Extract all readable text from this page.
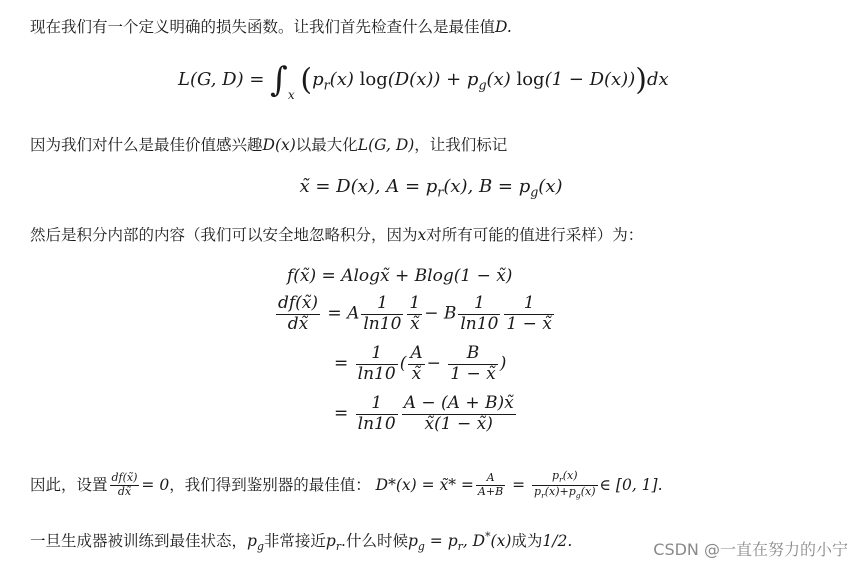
现在我们有一个定义明确的损失函数。让我们首先检查什么是最佳值D.
L(G, $D) = \int_x$ $(p_r(x) \log(D(x)) + p_g(x) \log(1 - D(x)))dx$
因为我们对什么是最佳价值感兴趣D(x)以最大化L(G, D)，让我们标记
x̃ = D(x), $A = p_r(x)$, $B = p_g(x)$
然后是积分内部的内容（我们可以安全地忽略积分，因为x对所有可能的值进行采样）为：
f(x̃) = Alogx̃ + Blog(1 − x̃)
$\frac{df(x̃)}{dx̃} = A \frac{1}{\ln 10} \frac{1}{x̃} - B \frac{1}{\ln 10} \frac{1}{1 - x̃}$
= $\frac{1}{\ln 10}$ ( $\frac{A}{x̃} - \frac{B}{1 - x̃}$ )
= $\frac{1}{\ln 10} \frac{A - (A + B)x̃}{x̃(1 - x̃)}$
因此，设置 $\frac{df(x̃)}{dx̃} = 0$，我们得到鉴别器的最佳值： D*(x) = x̃* = $\frac{A}{A+B} = \frac{p_r(x)}{p_r(x)+p_g(x)}$ ∈ [0, 1].
一旦生成器被训练到最佳状态，$p_g$非常接近$p_r$.什么时候$p_g = p_r$, D*(x)成为1/2.	CSDN @一直在努力的小宁
